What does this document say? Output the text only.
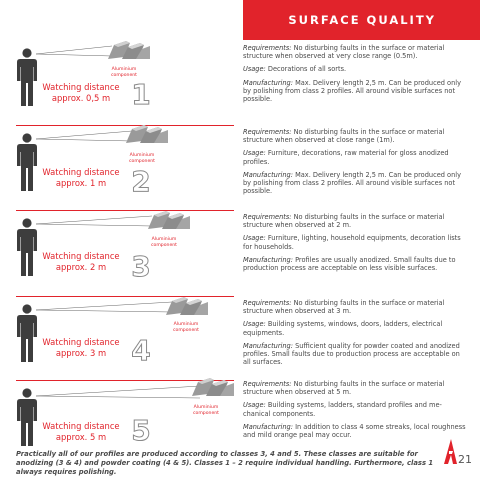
SURFACE QUALITY
Aluminium
component
Watching distance
approx. 0,5 m 1

Requirements: No disturbing faults in the surface or material structure when observed at very close range (0.5m).

Usage: Decorations of all sorts.

Manufacturing: Max. Delivery length 2,5 m. Can be produced only by polishing from class 2 profiles. All around visible surfaces not possible.

Aluminium
component
Watching distance
approx. 1 m 2

Requirements: No disturbing faults in the surface or material structure when observed at close range (1m).

Usage: Furniture, decorations, raw material for gloss anodized profiles.

Manufacturing: Max. Delivery length 2,5 m. Can be produced only by polishing from class 2 profiles. All around visible surfaces not possible.

Aluminium
component
Watching distance
approx. 2 m 3

Requirements: No disturbing faults in the surface or material structure when observed at 2 m.

Usage: Furniture, lighting, household equipments, decoration lists for households.

Manufacturing: Profiles are usually anodized. Small faults due to production process are acceptable on less visible surfaces.

Aluminium
component
Watching distance
approx. 3 m 4

Requirements: No disturbing faults in the surface or material structure when observed at 3 m.

Usage: Building systems, windows, doors, ladders, electrical equipments.

Manufacturing: Sufficient quality for powder coated and anodized profiles. Small faults due to production process are acceptable on all surfaces.

Aluminium
component
Watching distance
approx. 5 m 5

Requirements: No disturbing faults in the surface or material structure when observed at 5 m.

Usage: Building systems, ladders, standard profiles and me-chanical components.

Manufacturing: In addition to class 4 some streaks, local roughness and mild orange peal may occur.

Practically all of our profiles are produced according to classes 3, 4 and 5. These classes are suitable for anodizing (3 & 4) and powder coating (4 & 5). Classes 1 – 2 require individual handling. Furthermore, class 1 always requires polishing.
21
